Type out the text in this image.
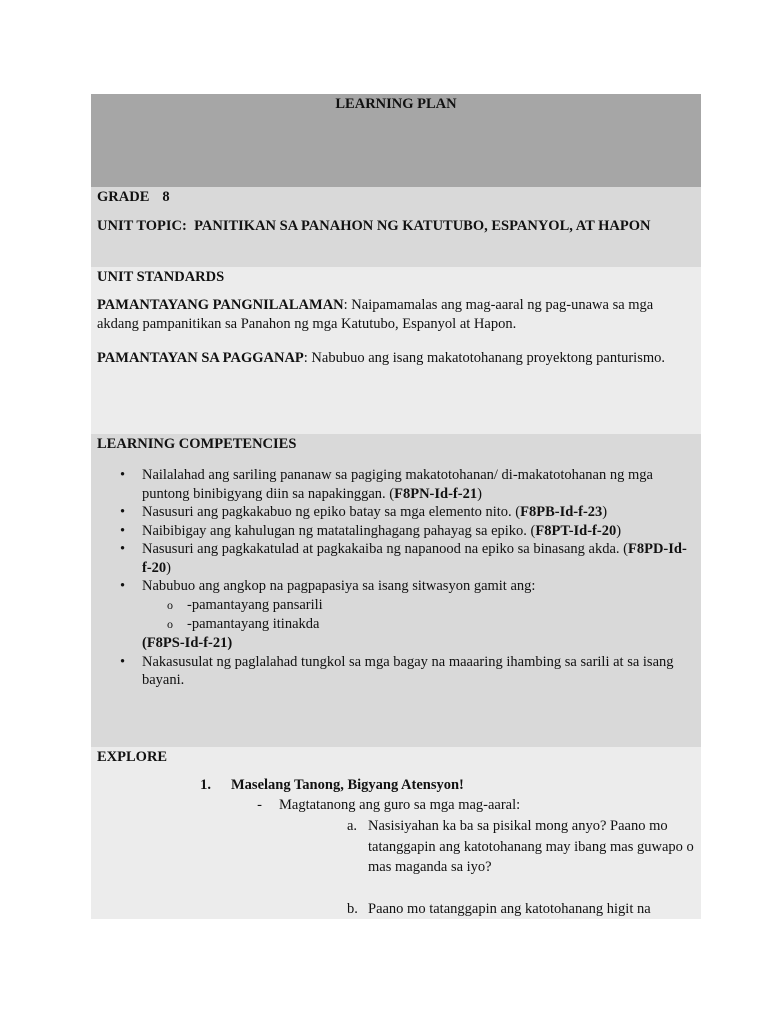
LEARNING PLAN

GRADE 8

UNIT TOPIC: PANITIKAN SA PANAHON NG KATUTUBO, ESPANYOL, AT HAPON

UNIT STANDARDS

PAMANTAYANG PANGNILALAMAN: Naipamamalas ang mag-aaral ng pag-unawa sa mga akdang pampanitikan sa Panahon ng mga Katutubo, Espanyol at Hapon.

PAMANTAYAN SA PAGGANAP: Nabubuo ang isang makatotohanang proyektong panturismo.

LEARNING COMPETENCIES

• Nailalahad ang sariling pananaw sa pagiging makatotohanan/ di-makatotohanan ng mga puntong binibigyang diin sa napakinggan. (F8PN-Id-f-21)
• Nasusuri ang pagkakabuo ng epiko batay sa mga elemento nito. (F8PB-Id-f-23)
• Naibibigay ang kahulugan ng matatalinghagang pahayag sa epiko. (F8PT-Id-f-20)
• Nasusuri ang pagkakatulad at pagkakaiba ng napanood na epiko sa binasang akda. (F8PD-Id-f-20)
• Nabubuo ang angkop na pagpapasiya sa isang sitwasyon gamit ang:
o -pamantayang pansarili
o -pamantayang itinakda

(F8PS-Id-f-21)

• Nakasusulat ng paglalahad tungkol sa mga bagay na maaaring ihambing sa sarili at sa isang bayani.

EXPLORE

1. Maselang Tanong, Bigyang Atensyon!

- Magtatanong ang guro sa mga mag-aaral:

a. Nasisiyahan ka ba sa pisikal mong anyo? Paano mo tatanggapin ang katotohanang may ibang mas guwapo o mas maganda sa iyo?
b. Paano mo tatanggapin ang katotohanang higit na
